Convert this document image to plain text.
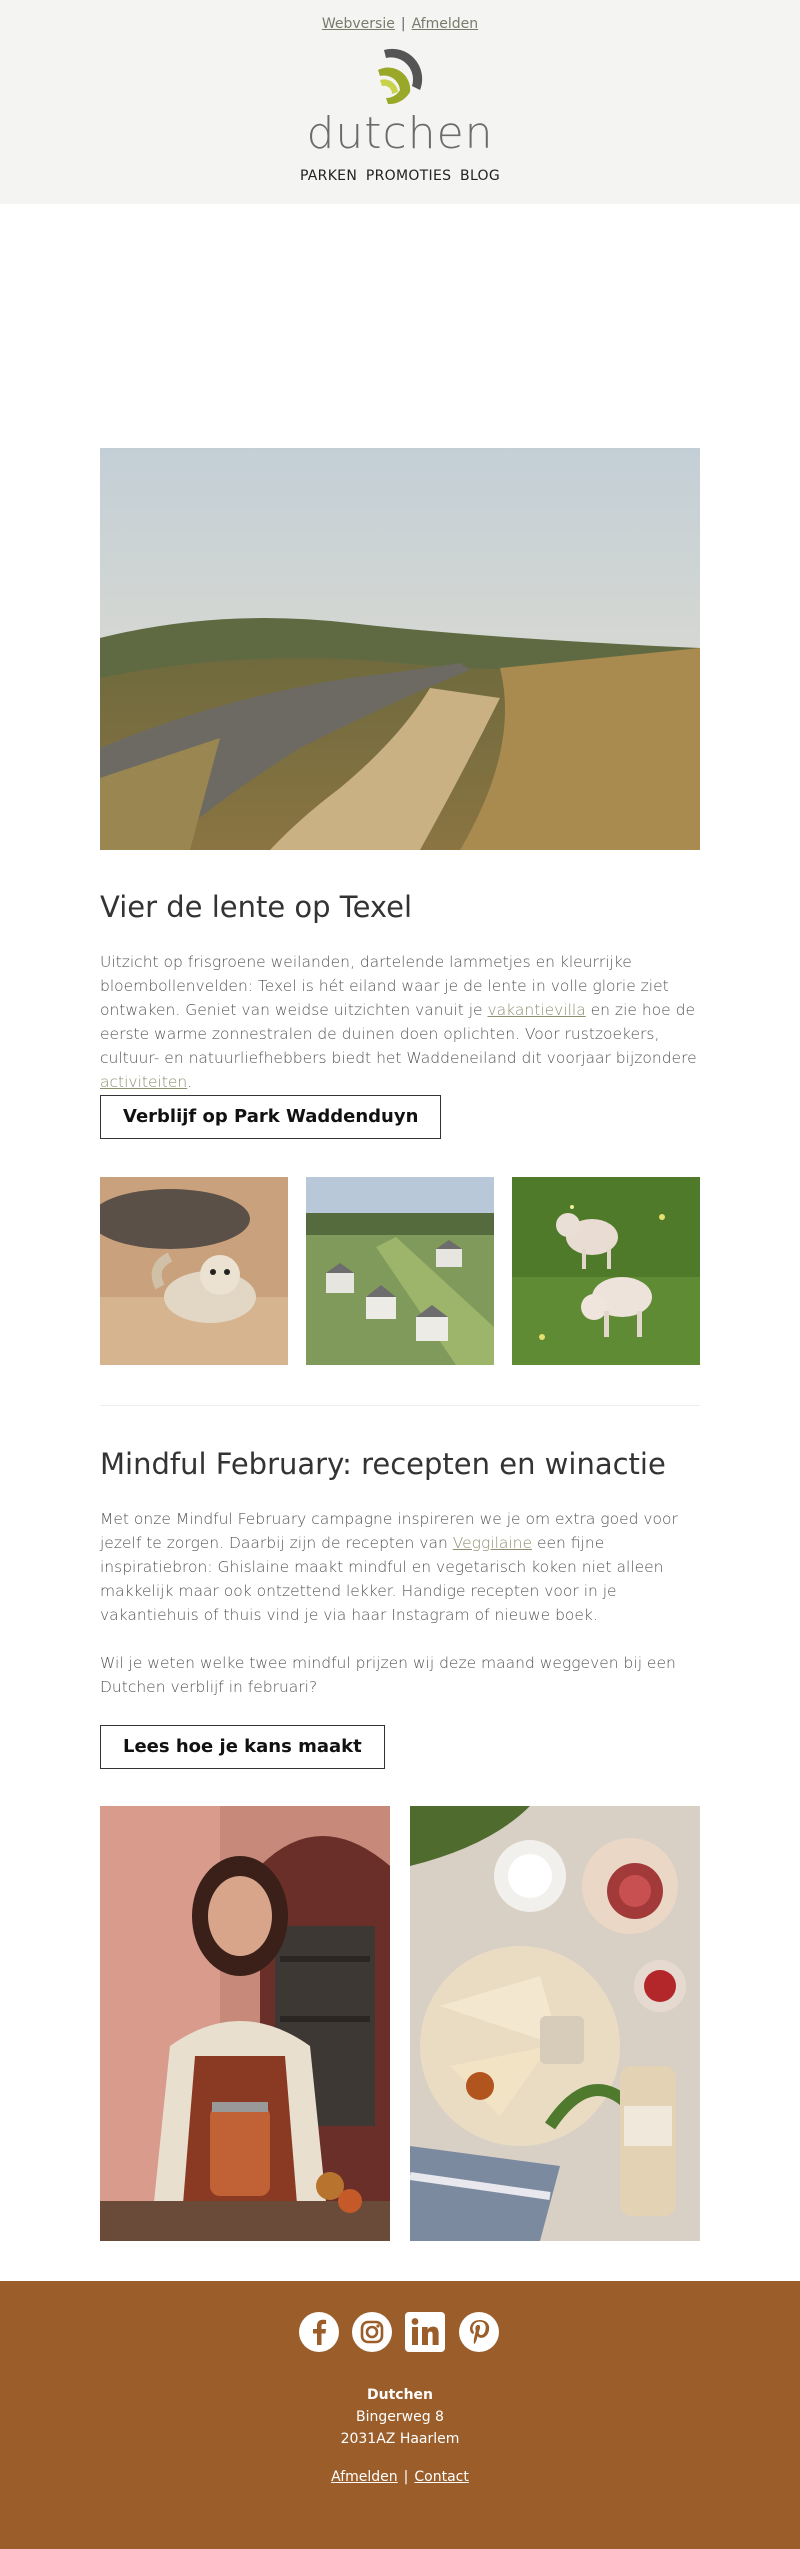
Webversie | Afmelden
dutchen
PARKEN PROMOTIES BLOG
Vier de lente op Texel

Uitzicht op frisgroene weilanden, dartelende lammetjes en kleurrijke bloembollenvelden: Texel is hét eiland waar je de lente in volle glorie ziet ontwaken. Geniet van weidse uitzichten vanuit je vakantievilla en zie hoe de eerste warme zonnestralen de duinen doen oplichten. Voor rustzoekers, cultuur- en natuurliefhebbers biedt het Waddeneiland dit voorjaar bijzondere activiteiten.

Verblijf op Park Waddenduyn
Mindful February: recepten en winactie

Met onze Mindful February campagne inspireren we je om extra goed voor jezelf te zorgen. Daarbij zijn de recepten van Veggilaine een fijne inspiratiebron: Ghislaine maakt mindful en vegetarisch koken niet alleen makkelijk maar ook ontzettend lekker. Handige recepten voor in je vakantiehuis of thuis vind je via haar Instagram of nieuwe boek.

Wil je weten welke twee mindful prijzen wij deze maand weggeven bij een Dutchen verblijf in februari?

Lees hoe je kans maakt
Dutchen
Bingerweg 8
2031AZ Haarlem
Afmelden | Contact
